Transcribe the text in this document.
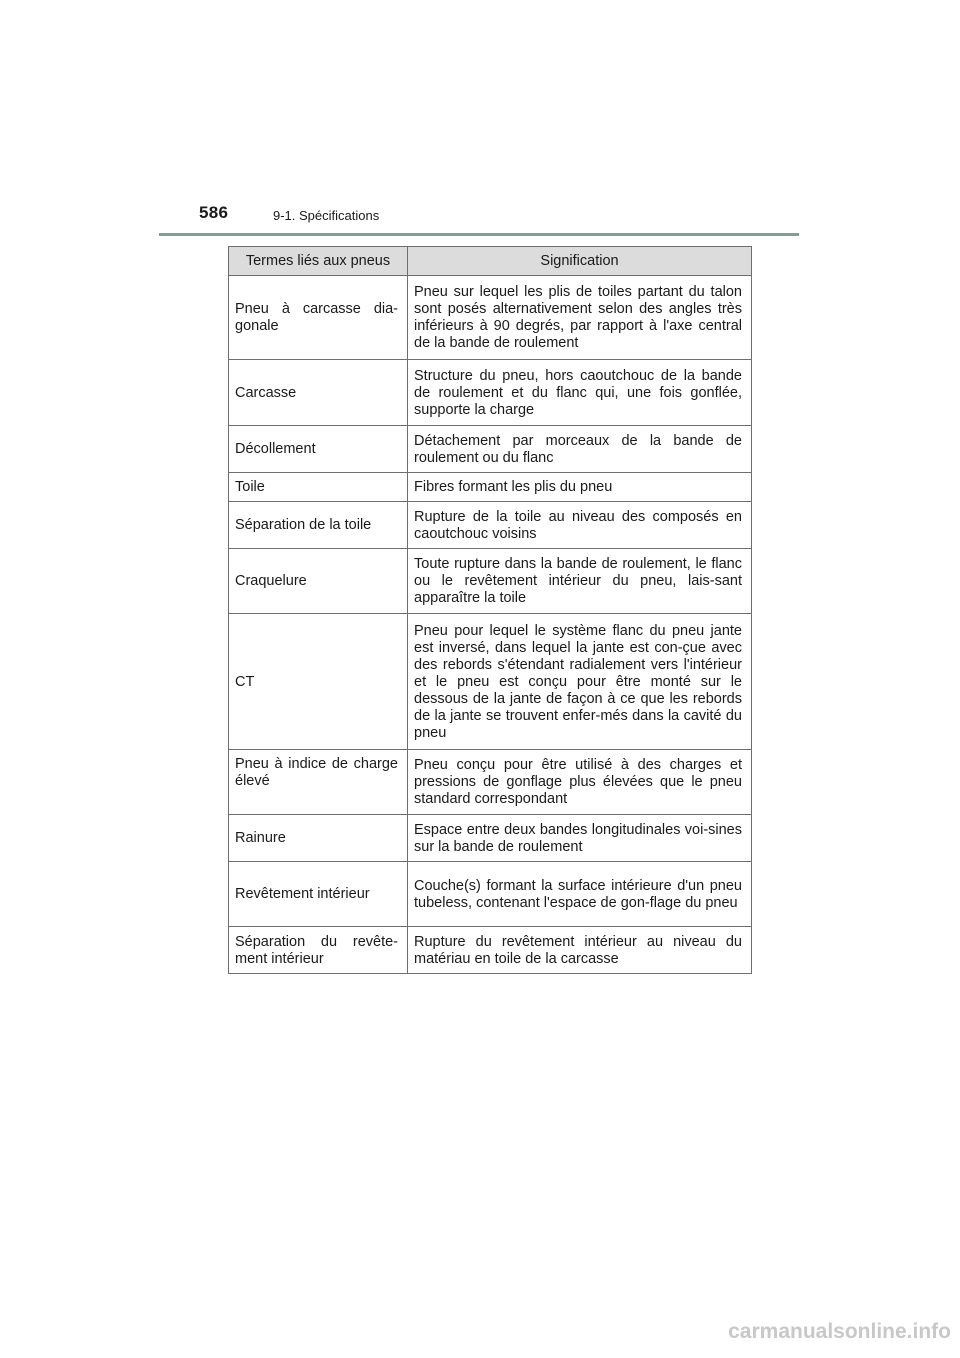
586	9-1. Spécifications
Termes liés aux pneus	Signification
Pneu à carcasse dia-gonale	Pneu sur lequel les plis de toiles partant du talon sont posés alternativement selon des angles très inférieurs à 90 degrés, par rapport à l'axe central de la bande de roulement
Carcasse	Structure du pneu, hors caoutchouc de la bande de roulement et du flanc qui, une fois gonflée, supporte la charge
Décollement	Détachement par morceaux de la bande de roulement ou du flanc
Toile	Fibres formant les plis du pneu
Séparation de la toile	Rupture de la toile au niveau des composés en caoutchouc voisins
Craquelure	Toute rupture dans la bande de roulement, le flanc ou le revêtement intérieur du pneu, lais-sant apparaître la toile
CT	Pneu pour lequel le système flanc du pneu jante est inversé, dans lequel la jante est con-çue avec des rebords s'étendant radialement vers l'intérieur et le pneu est conçu pour être monté sur le dessous de la jante de façon à ce que les rebords de la jante se trouvent enfer-més dans la cavité du pneu
Pneu à indice de charge élevé	Pneu conçu pour être utilisé à des charges et pressions de gonflage plus élevées que le pneu standard correspondant
Rainure	Espace entre deux bandes longitudinales voi-sines sur la bande de roulement
Revêtement intérieur	Couche(s) formant la surface intérieure d'un pneu tubeless, contenant l'espace de gon-flage du pneu
Séparation du revête-ment intérieur	Rupture du revêtement intérieur au niveau du matériau en toile de la carcasse
carmanualsonline.info
